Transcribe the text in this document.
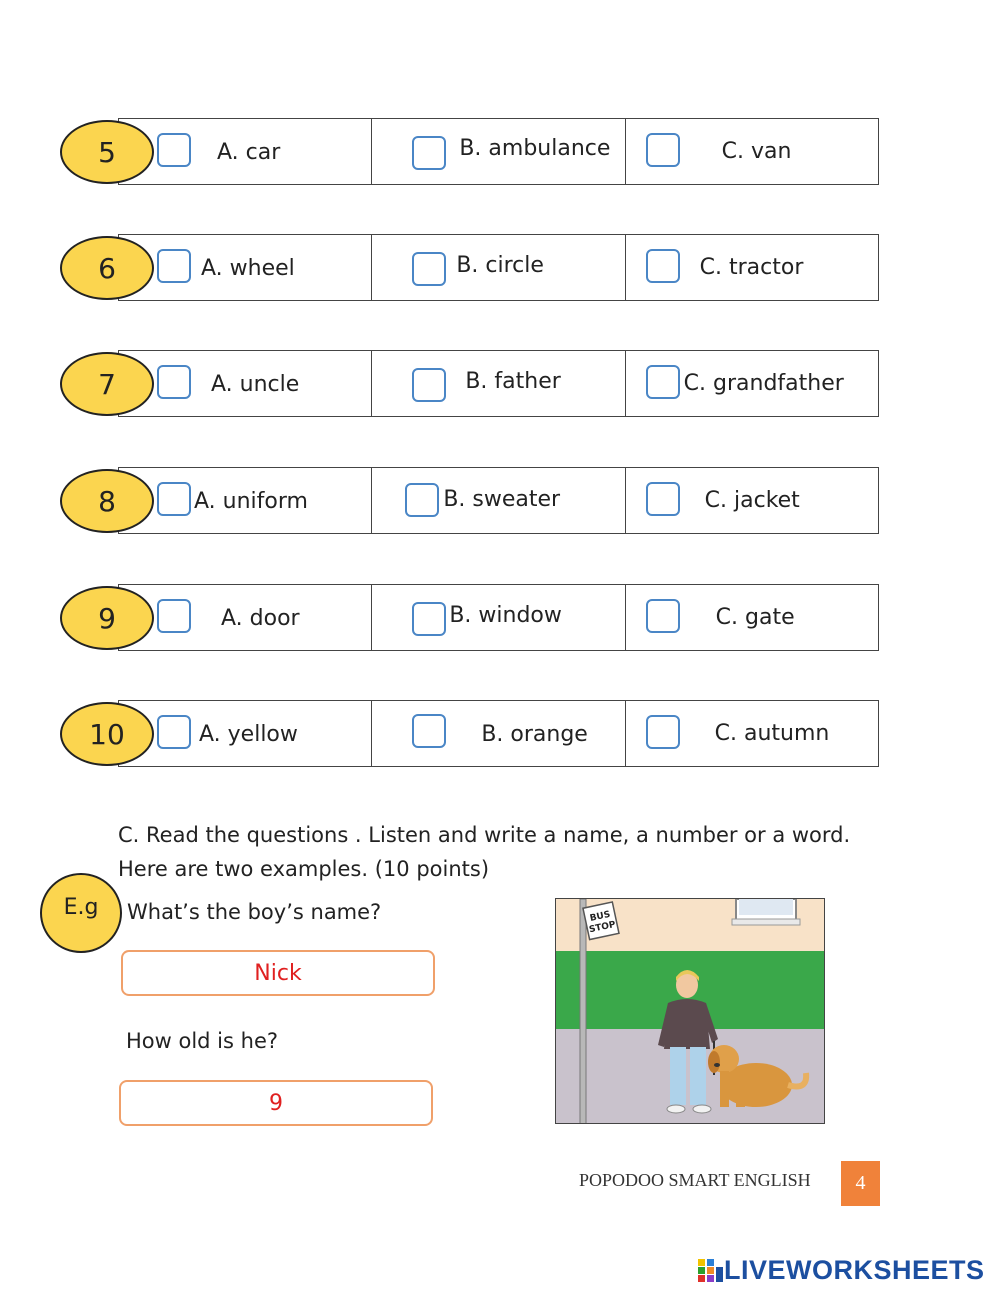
A. car	B. ambulance	C. van
5
A. wheel	B. circle	C. tractor
6
A. uncle	B. father	C. grandfather
7
A. uniform	B. sweater	C. jacket
8
A. door	B. window	C. gate
9
A. yellow	B. orange	C. autumn
10
C. Read the questions . Listen and write a name, a number or a word.
Here are two examples. (10 points)
E.g	What’s the boy’s name?
Nick
How old is he?
9
BUS
STOP
POPODOO SMART ENGLISH	4
LIVEWORKSHEETS
